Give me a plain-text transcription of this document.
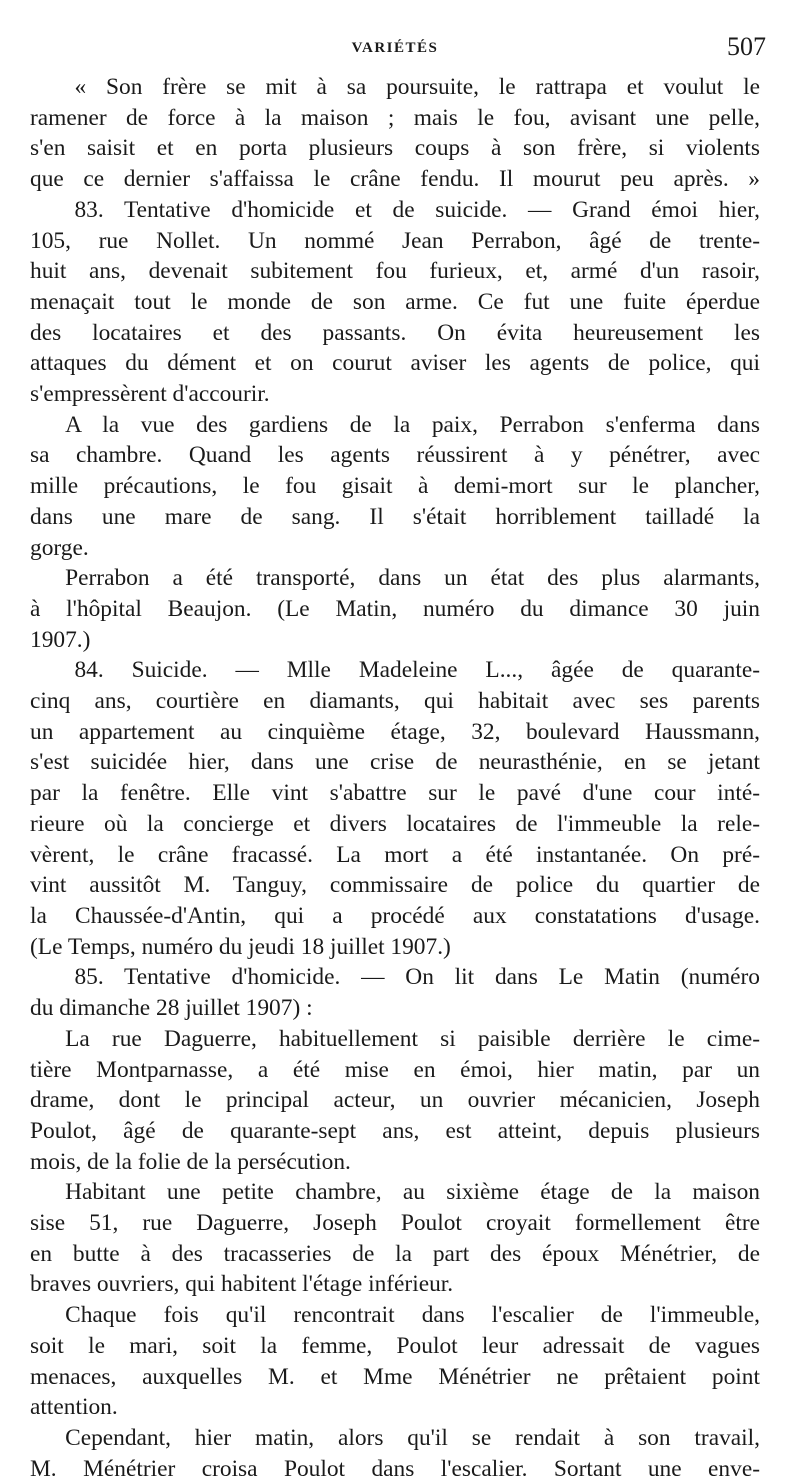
VARIÉTÉS	507
« Son frère se mit à sa poursuite, le rattrapa et voulut le
ramener de force à la maison ; mais le fou, avisant une pelle,
s'en saisit et en porta plusieurs coups à son frère, si violents
que ce dernier s'affaissa le crâne fendu. Il mourut peu après. »
83. Tentative d'homicide et de suicide. — Grand émoi hier,
105, rue Nollet. Un nommé Jean Perrabon, âgé de trente-
huit ans, devenait subitement fou furieux, et, armé d'un rasoir,
menaçait tout le monde de son arme. Ce fut une fuite éperdue
des locataires et des passants. On évita heureusement les
attaques du dément et on courut aviser les agents de police, qui
s'empressèrent d'accourir.
A la vue des gardiens de la paix, Perrabon s'enferma dans
sa chambre. Quand les agents réussirent à y pénétrer, avec
mille précautions, le fou gisait à demi-mort sur le plancher,
dans une mare de sang. Il s'était horriblement tailladé la
gorge.
Perrabon a été transporté, dans un état des plus alarmants,
à l'hôpital Beaujon. (Le Matin, numéro du dimance 30 juin
1907.)
84. Suicide. — Mlle Madeleine L..., âgée de quarante-
cinq ans, courtière en diamants, qui habitait avec ses parents
un appartement au cinquième étage, 32, boulevard Haussmann,
s'est suicidée hier, dans une crise de neurasthénie, en se jetant
par la fenêtre. Elle vint s'abattre sur le pavé d'une cour inté-
rieure où la concierge et divers locataires de l'immeuble la rele-
vèrent, le crâne fracassé. La mort a été instantanée. On pré-
vint aussitôt M. Tanguy, commissaire de police du quartier de
la Chaussée-d'Antin, qui a procédé aux constatations d'usage.
(Le Temps, numéro du jeudi 18 juillet 1907.)
85. Tentative d'homicide. — On lit dans Le Matin (numéro
du dimanche 28 juillet 1907) :
La rue Daguerre, habituellement si paisible derrière le cime-
tière Montparnasse, a été mise en émoi, hier matin, par un
drame, dont le principal acteur, un ouvrier mécanicien, Joseph
Poulot, âgé de quarante-sept ans, est atteint, depuis plusieurs
mois, de la folie de la persécution.
Habitant une petite chambre, au sixième étage de la maison
sise 51, rue Daguerre, Joseph Poulot croyait formellement être
en butte à des tracasseries de la part des époux Ménétrier, de
braves ouvriers, qui habitent l'étage inférieur.
Chaque fois qu'il rencontrait dans l'escalier de l'immeuble,
soit le mari, soit la femme, Poulot leur adressait de vagues
menaces, auxquelles M. et Mme Ménétrier ne prêtaient point
attention.
Cependant, hier matin, alors qu'il se rendait à son travail,
M. Ménétrier croisa Poulot dans l'escalier. Sortant une enve-
